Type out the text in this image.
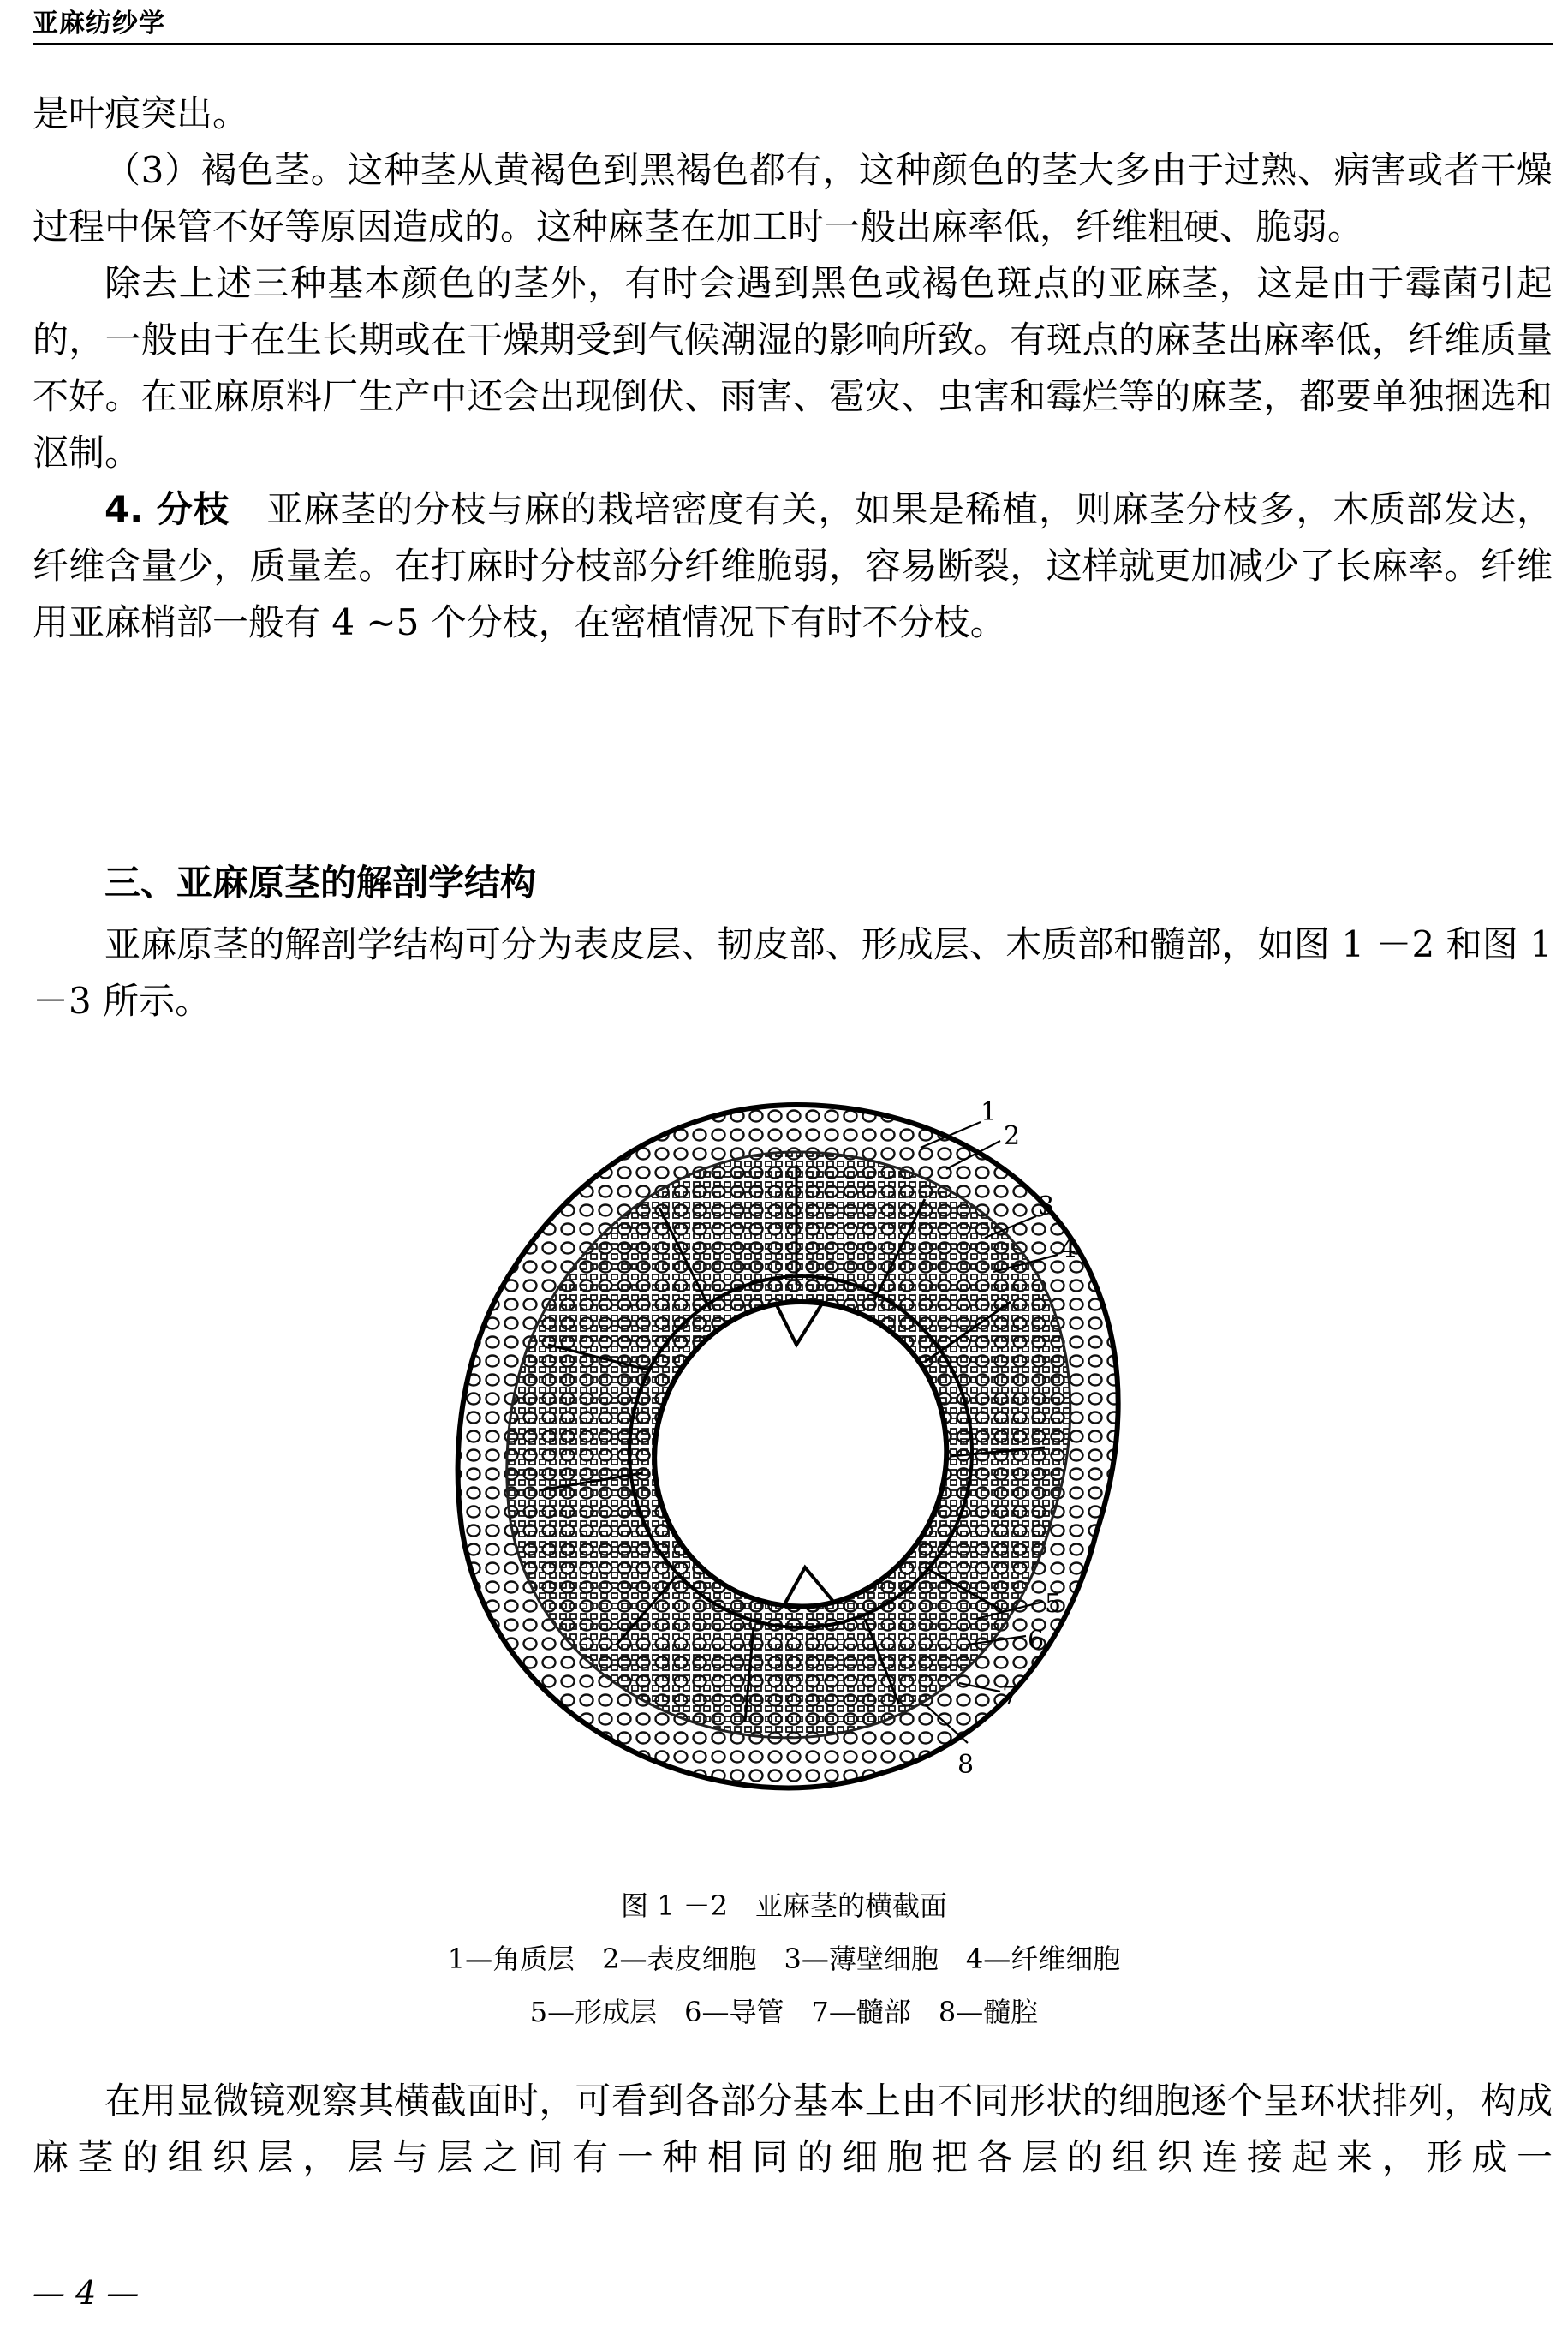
亚麻纺纱学

是叶痕突出。

（3）褐色茎。这种茎从黄褐色到黑褐色都有，这种颜色的茎大多由于过熟、病害或者干燥过程中保管不好等原因造成的。这种麻茎在加工时一般出麻率低，纤维粗硬、脆弱。

除去上述三种基本颜色的茎外，有时会遇到黑色或褐色斑点的亚麻茎，这是由于霉菌引起的，一般由于在生长期或在干燥期受到气候潮湿的影响所致。有斑点的麻茎出麻率低，纤维质量不好。在亚麻原料厂生产中还会出现倒伏、雨害、雹灾、虫害和霉烂等的麻茎，都要单独捆选和沤制。

4. 分枝　 亚麻茎的分枝与麻的栽培密度有关，如果是稀植，则麻茎分枝多，木质部发达，纤维含量少，质量差。在打麻时分枝部分纤维脆弱，容易断裂，这样就更加减少了长麻率。纤维用亚麻梢部一般有 4 ~5 个分枝，在密植情况下有时不分枝。

三、亚麻原茎的解剖学结构

亚麻原茎的解剖学结构可分为表皮层、韧皮部、形成层、木质部和髓部，如图 1 －2 和图 1 －3 所示。

1
2
3
4
5
6
7
8
图 1 －2　亚麻茎的横截面
1—角质层　2—表皮细胞　3—薄壁细胞　4—纤维细胞
5—形成层　6—导管　7—髓部　8—髓腔

在用显微镜观察其横截面时，可看到各部分基本上由不同形状的细胞逐个呈环状排列，构成麻茎的组织层，层与层之间有一种相同的细胞把各层的组织连接起来，形成一

— 4 —
